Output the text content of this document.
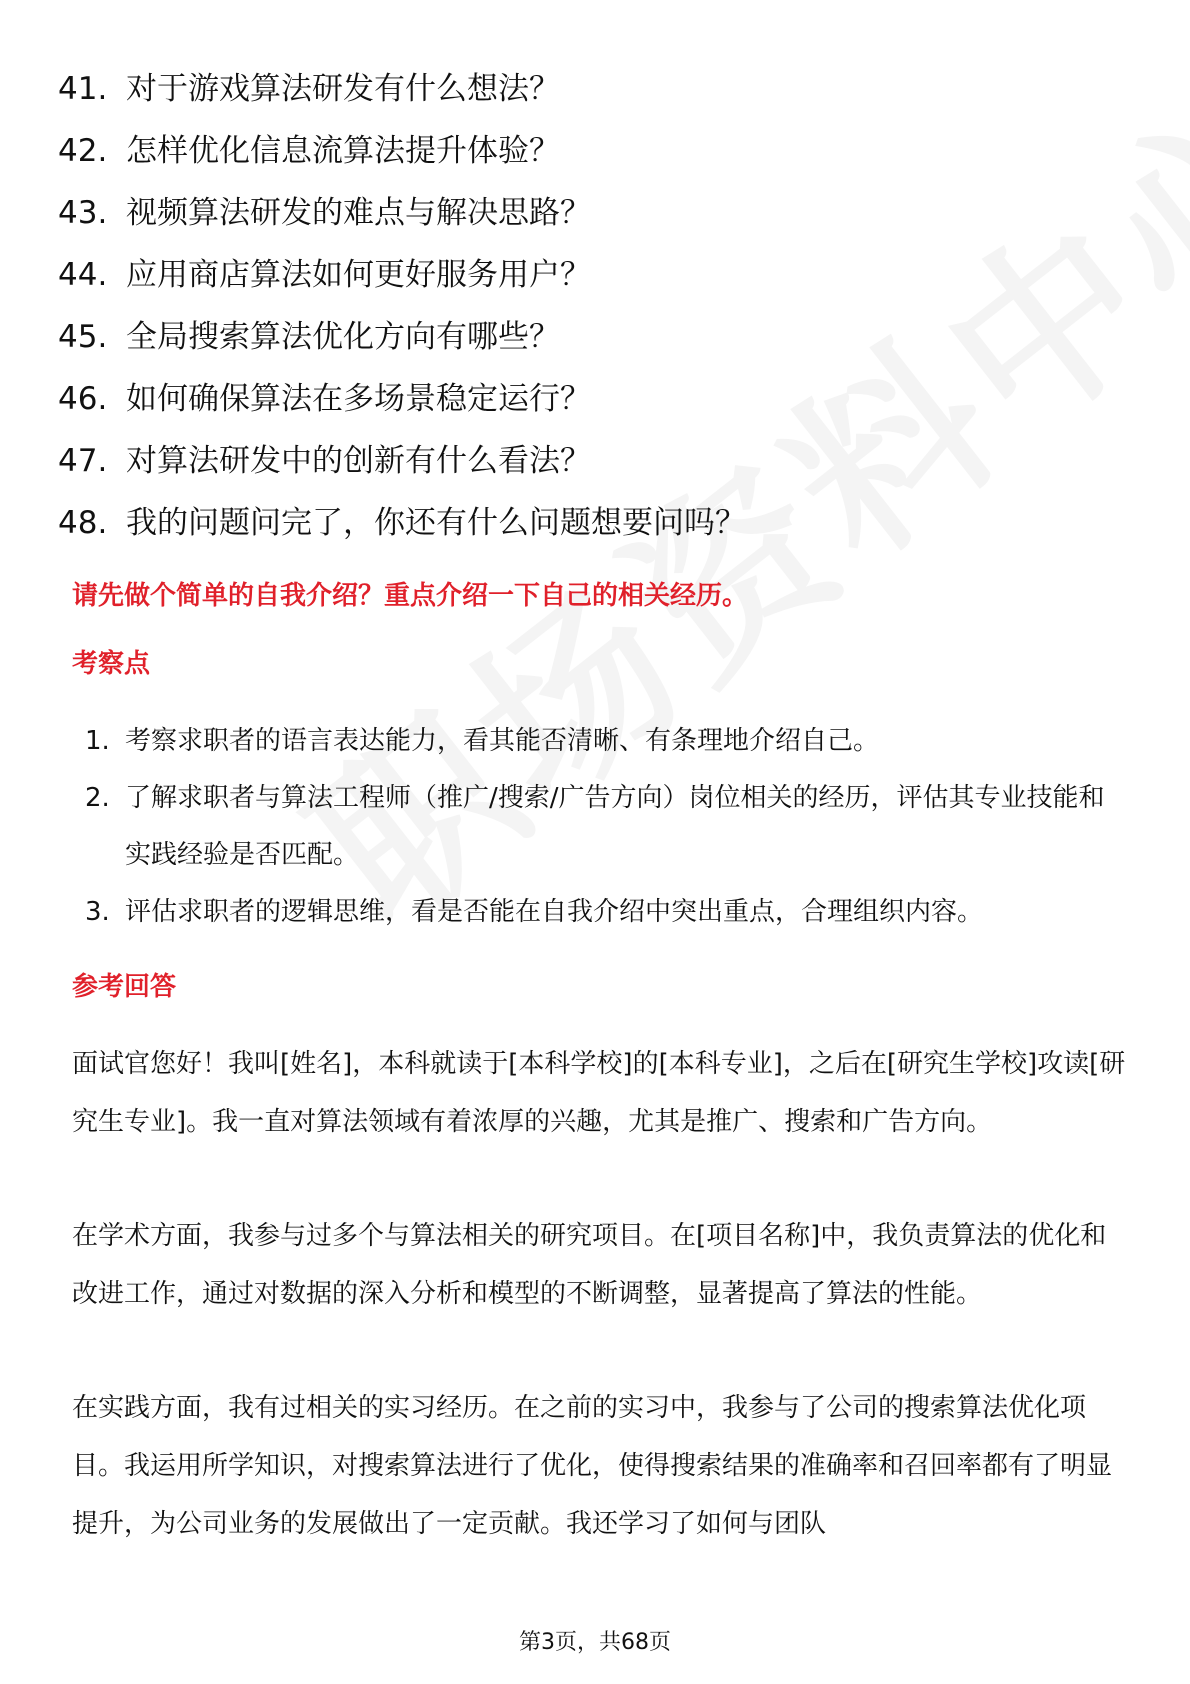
41. 对于游戏算法研发有什么想法？
42. 怎样优化信息流算法提升体验？
43. 视频算法研发的难点与解决思路？
44. 应用商店算法如何更好服务用户？
45. 全局搜索算法优化方向有哪些？
46. 如何确保算法在多场景稳定运行？
47. 对算法研发中的创新有什么看法？
48. 我的问题问完了，你还有什么问题想要问吗？
请先做个简单的自我介绍？重点介绍一下自己的相关经历。
考察点
1. 考察求职者的语言表达能力，看其能否清晰、有条理地介绍自己。
2. 了解求职者与算法工程师（推广/搜索/广告方向）岗位相关的经历，评估其专业技能和实践经验是否匹配。
3. 评估求职者的逻辑思维，看是否能在自我介绍中突出重点，合理组织内容。
参考回答

面试官您好！我叫[姓名]，本科就读于[本科学校]的[本科专业]，之后在[研究生学校]攻读[研究生专业]。我一直对算法领域有着浓厚的兴趣，尤其是推广、搜索和广告方向。

在学术方面，我参与过多个与算法相关的研究项目。在[项目名称]中，我负责算法的优化和改进工作，通过对数据的深入分析和模型的不断调整，显著提高了算法的性能。

在实践方面，我有过相关的实习经历。在之前的实习中，我参与了公司的搜索算法优化项目。我运用所学知识，对搜索算法进行了优化，使得搜索结果的准确率和召回率都有了明显提升，为公司业务的发展做出了一定贡献。我还学习了如何与团队

第3页，共68页
